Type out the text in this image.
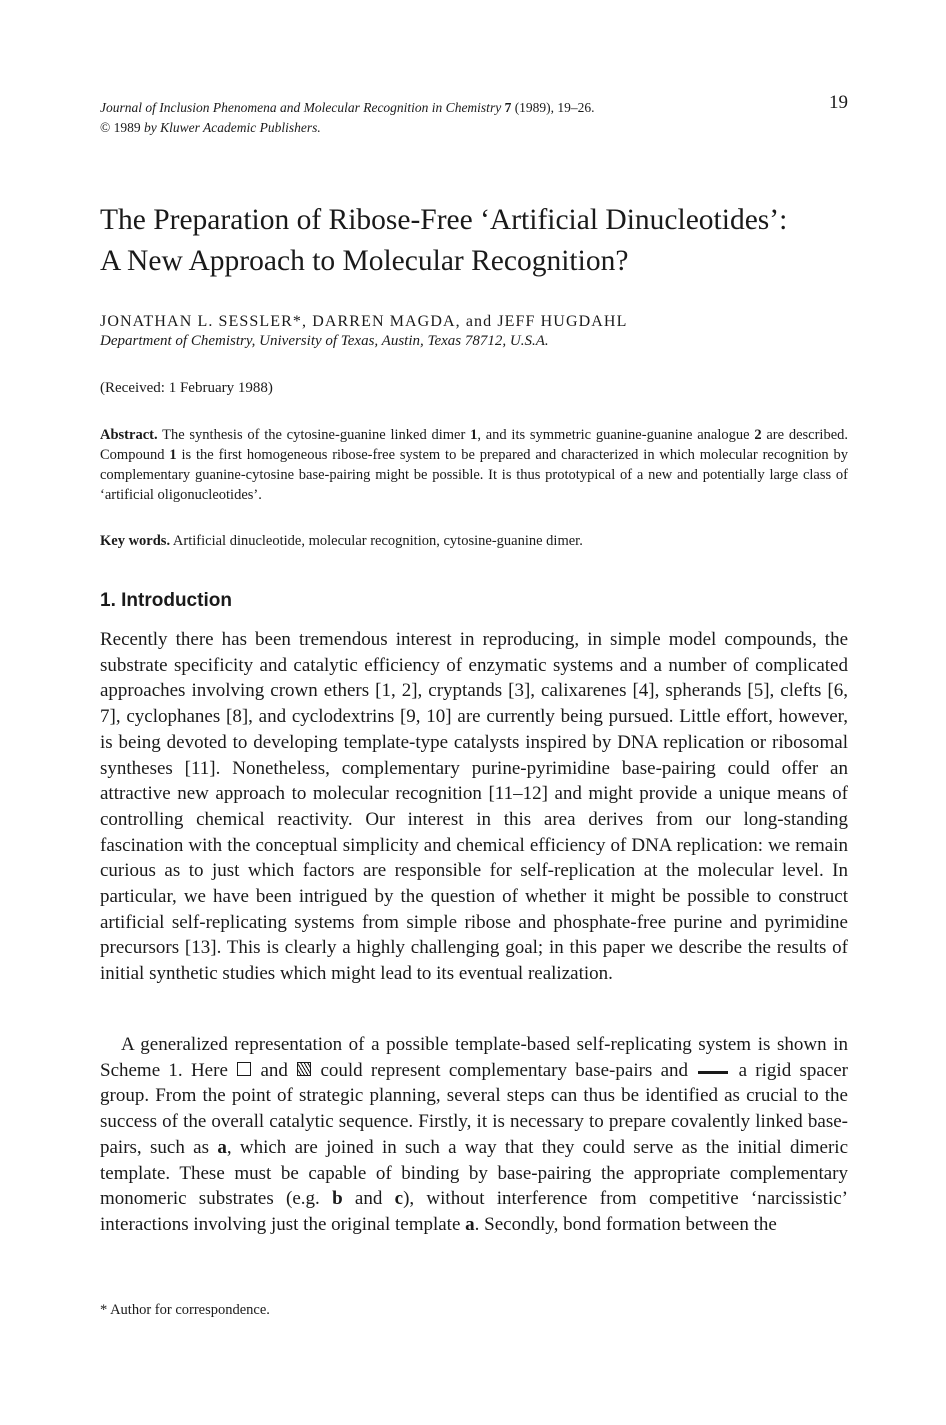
Journal of Inclusion Phenomena and Molecular Recognition in Chemistry 7 (1989), 19–26.
© 1989 by Kluwer Academic Publishers.
19
The Preparation of Ribose-Free ‘Artificial Dinucleotides’:
A New Approach to Molecular Recognition?
JONATHAN L. SESSLER*, DARREN MAGDA, and JEFF HUGDAHL
Department of Chemistry, University of Texas, Austin, Texas 78712, U.S.A.
(Received: 1 February 1988)

Abstract. The synthesis of the cytosine-guanine linked dimer 1, and its symmetric guanine-guanine analogue 2 are described. Compound 1 is the first homogeneous ribose-free system to be prepared and characterized in which molecular recognition by complementary guanine-cytosine base-pairing might be possible. It is thus prototypical of a new and potentially large class of ‘artificial oligonucleotides’.

Key words. Artificial dinucleotide, molecular recognition, cytosine-guanine dimer.

1. Introduction

Recently there has been tremendous interest in reproducing, in simple model compounds, the substrate specificity and catalytic efficiency of enzymatic systems and a number of complicated approaches involving crown ethers [1, 2], cryptands [3], calixarenes [4], spherands [5], clefts [6, 7], cyclophanes [8], and cyclodextrins [9, 10] are currently being pursued. Little effort, however, is being devoted to developing template-type catalysts inspired by DNA replication or ribosomal syntheses [11]. Nonetheless, complementary purine-pyrimidine base-pairing could offer an attractive new approach to molecular recognition [11–12] and might provide a unique means of controlling chemical reactivity. Our interest in this area derives from our long-standing fascination with the conceptual simplicity and chemical efficiency of DNA replication: we remain curious as to just which factors are responsible for self-replication at the molecular level. In particular, we have been intrigued by the question of whether it might be possible to construct artificial self-replicating systems from simple ribose and phosphate-free purine and pyrimidine precursors [13]. This is clearly a highly challenging goal; in this paper we describe the results of initial synthetic studies which might lead to its eventual realization.

A generalized representation of a possible template-based self-replicating system is shown in Scheme 1. Here and could represent complementary base-pairs and	a rigid spacer group. From the point of strategic planning, several steps can thus be identified as crucial to the success of the overall catalytic sequence. Firstly, it is necessary to prepare covalently linked base-pairs, such as a, which are joined in such a way that they could serve as the initial dimeric template. These must be capable of binding by base-pairing the appropriate complementary monomeric substrates (e.g. b and c), without interference from competitive ‘narcissistic’ interactions involving just the original template a. Secondly, bond formation between the

* Author for correspondence.
